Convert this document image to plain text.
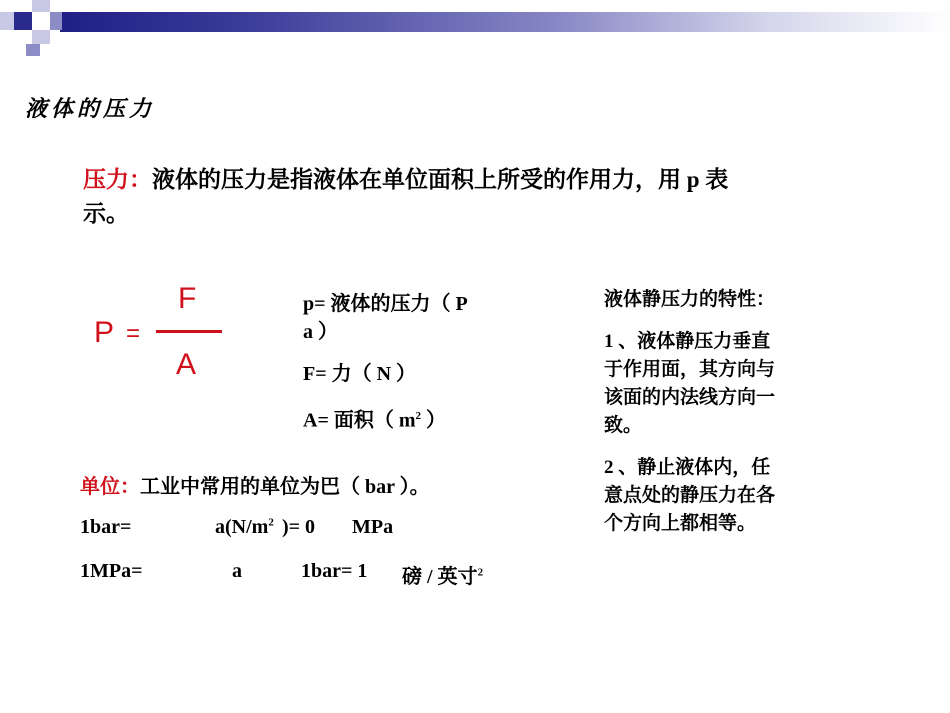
液体的压力
压力：液体的压力是指液体在单位面积上所受的作用力，用 p 表
示。
P =
F
A
p= 液体的压力（ P
a ）
F= 力（ N ）
A= 面积（ $m^2$ ）

液体静压力的特性：

1 、液体静压力垂直
于作用面，其方向与
该面的内法线方向一
致。

2 、静止液体内，任
意点处的静压力在各
个方向上都相等。

单位：工业中常用的单位为巴（ bar ）。
1bar=	$a(N/m^2$ )= 0 MPa
1MPa=	a	1bar= 1 磅 / 英寸$^2$
